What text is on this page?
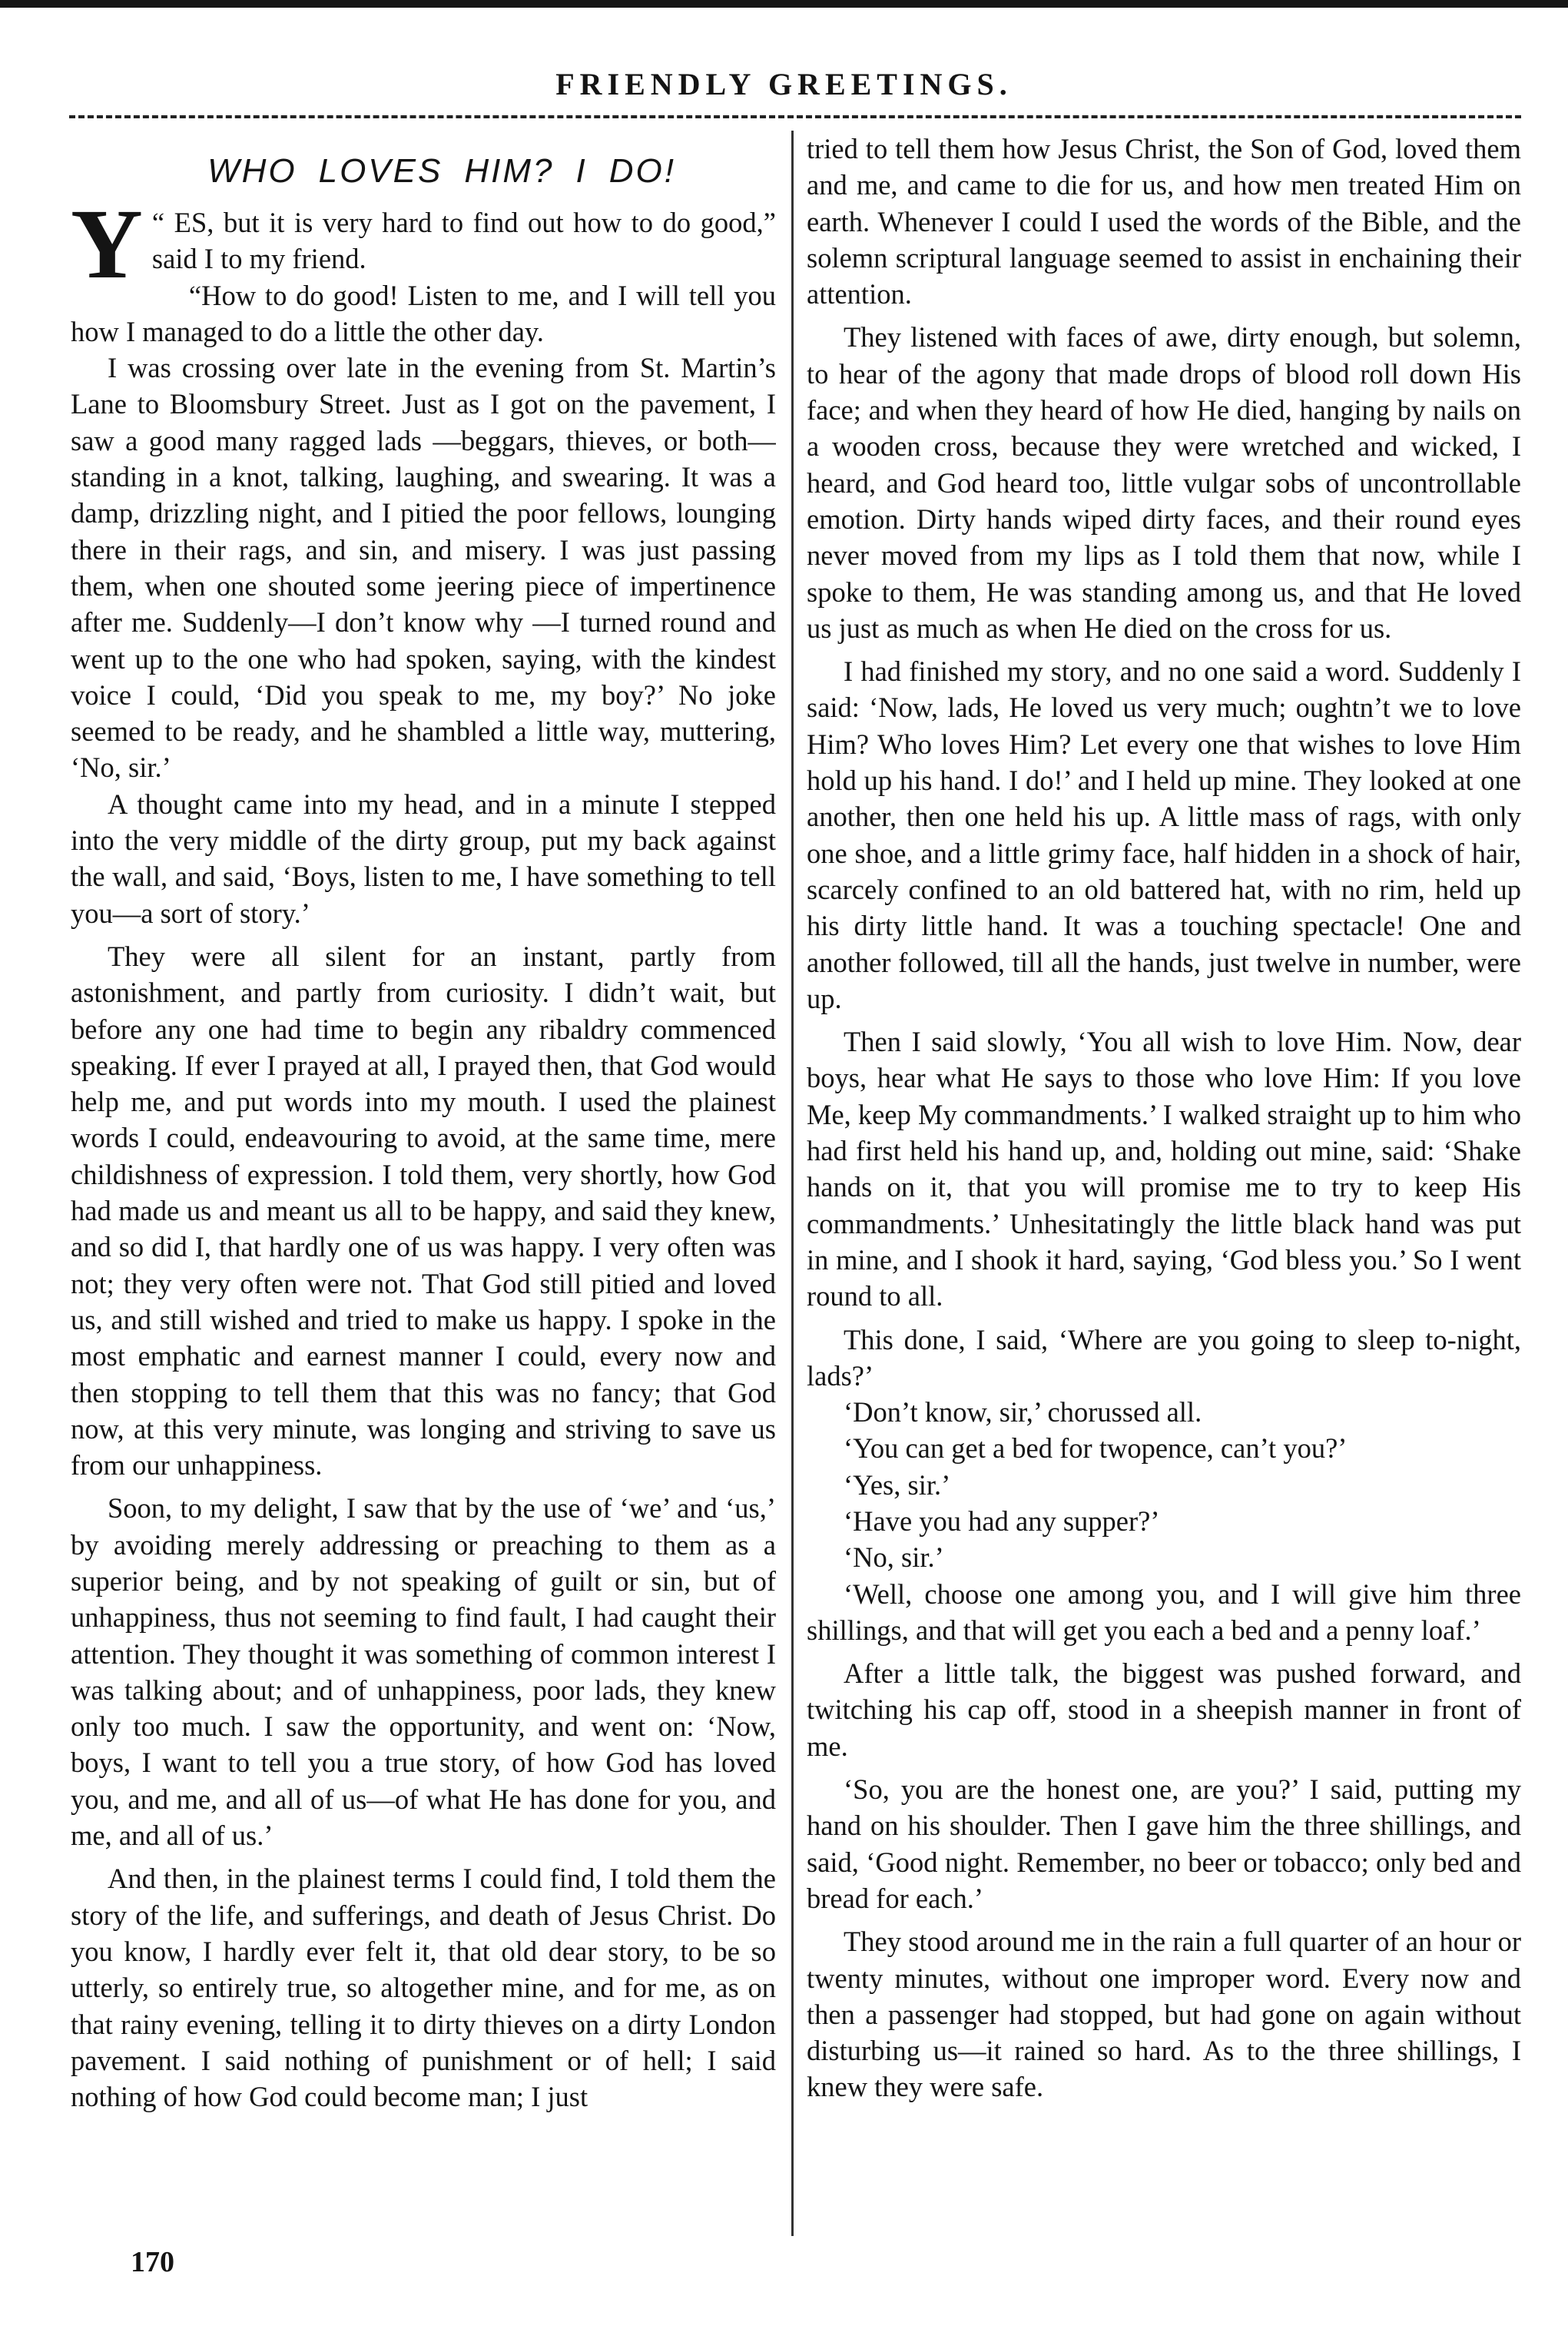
FRIENDLY GREETINGS.

WHO LOVES HIM? I DO!

“
Y ES, but it is very hard to find out how to do good,” said I to my friend.

“How to do good! Listen to me, and I will tell you how I managed to do a little the other day.

I was crossing over late in the evening from St. Martin’s Lane to Bloomsbury Street. Just as I got on the pavement, I saw a good many ragged lads —beggars, thieves, or both—standing in a knot, talking, laughing, and swearing. It was a damp, drizzling night, and I pitied the poor fellows, lounging there in their rags, and sin, and misery. I was just passing them, when one shouted some jeering piece of impertinence after me. Suddenly—I don’t know why —I turned round and went up to the one who had spoken, saying, with the kindest voice I could, ‘Did you speak to me, my boy?’ No joke seemed to be ready, and he shambled a little way, muttering, ‘No, sir.’

A thought came into my head, and in a minute I stepped into the very middle of the dirty group, put my back against the wall, and said, ‘Boys, listen to me, I have something to tell you—a sort of story.’

They were all silent for an instant, partly from astonishment, and partly from curiosity. I didn’t wait, but before any one had time to begin any ribaldry commenced speaking. If ever I prayed at all, I prayed then, that God would help me, and put words into my mouth. I used the plainest words I could, endeavouring to avoid, at the same time, mere childishness of expression. I told them, very shortly, how God had made us and meant us all to be happy, and said they knew, and so did I, that hardly one of us was happy. I very often was not; they very often were not. That God still pitied and loved us, and still wished and tried to make us happy. I spoke in the most emphatic and earnest manner I could, every now and then stopping to tell them that this was no fancy; that God now, at this very minute, was longing and striving to save us from our unhappiness.

Soon, to my delight, I saw that by the use of ‘we’ and ‘us,’ by avoiding merely addressing or preaching to them as a superior being, and by not speaking of guilt or sin, but of unhappiness, thus not seeming to find fault, I had caught their attention. They thought it was something of common interest I was talking about; and of unhappiness, poor lads, they knew only too much. I saw the opportunity, and went on: ‘Now, boys, I want to tell you a true story, of how God has loved you, and me, and all of us—of what He has done for you, and me, and all of us.’

And then, in the plainest terms I could find, I told them the story of the life, and sufferings, and death of Jesus Christ. Do you know, I hardly ever felt it, that old dear story, to be so utterly, so entirely true, so altogether mine, and for me, as on that rainy evening, telling it to dirty thieves on a dirty London pavement. I said nothing of punishment or of hell; I said nothing of how God could become man; I just

tried to tell them how Jesus Christ, the Son of God, loved them and me, and came to die for us, and how men treated Him on earth. Whenever I could I used the words of the Bible, and the solemn scriptural language seemed to assist in enchaining their attention.

They listened with faces of awe, dirty enough, but solemn, to hear of the agony that made drops of blood roll down His face; and when they heard of how He died, hanging by nails on a wooden cross, because they were wretched and wicked, I heard, and God heard too, little vulgar sobs of uncontrollable emotion. Dirty hands wiped dirty faces, and their round eyes never moved from my lips as I told them that now, while I spoke to them, He was standing among us, and that He loved us just as much as when He died on the cross for us.

I had finished my story, and no one said a word. Suddenly I said: ‘Now, lads, He loved us very much; oughtn’t we to love Him? Who loves Him? Let every one that wishes to love Him hold up his hand. I do!’ and I held up mine. They looked at one another, then one held his up. A little mass of rags, with only one shoe, and a little grimy face, half hidden in a shock of hair, scarcely confined to an old battered hat, with no rim, held up his dirty little hand. It was a touching spectacle! One and another followed, till all the hands, just twelve in number, were up.

Then I said slowly, ‘You all wish to love Him. Now, dear boys, hear what He says to those who love Him: If you love Me, keep My commandments.’ I walked straight up to him who had first held his hand up, and, holding out mine, said: ‘Shake hands on it, that you will promise me to try to keep His commandments.’ Unhesitatingly the little black hand was put in mine, and I shook it hard, saying, ‘God bless you.’ So I went round to all.

This done, I said, ‘Where are you going to sleep to-night, lads?’

‘Don’t know, sir,’ chorussed all.

‘You can get a bed for twopence, can’t you?’

‘Yes, sir.’

‘Have you had any supper?’

‘No, sir.’

‘Well, choose one among you, and I will give him three shillings, and that will get you each a bed and a penny loaf.’

After a little talk, the biggest was pushed forward, and twitching his cap off, stood in a sheepish manner in front of me.

‘So, you are the honest one, are you?’ I said, putting my hand on his shoulder. Then I gave him the three shillings, and said, ‘Good night. Remember, no beer or tobacco; only bed and bread for each.’

They stood around me in the rain a full quarter of an hour or twenty minutes, without one improper word. Every now and then a passenger had stopped, but had gone on again without disturbing us—it rained so hard. As to the three shillings, I knew they were safe.

170
